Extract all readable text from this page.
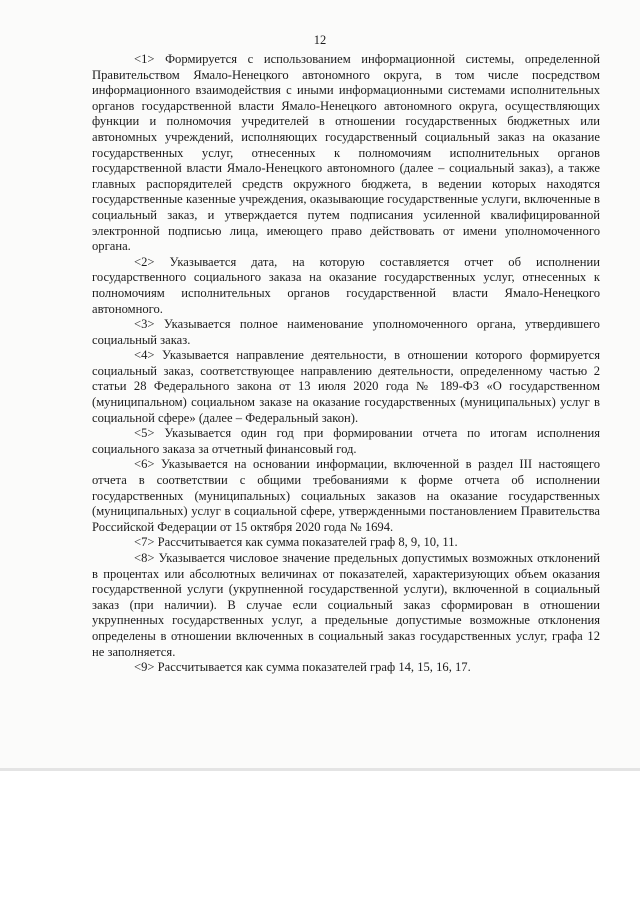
12

<1> Формируется с использованием информационной системы, определенной Правительством Ямало-Ненецкого автономного округа, в том числе посредством информационного взаимодействия с иными информационными системами исполнительных органов государственной власти Ямало-Ненецкого автономного округа, осуществляющих функции и полномочия учредителей в отношении государственных бюджетных или автономных учреждений, исполняющих государственный социальный заказ на оказание государственных услуг, отнесенных к полномочиям исполнительных органов государственной власти Ямало-Ненецкого автономного (далее – социальный заказ), а также главных распорядителей средств окружного бюджета, в ведении которых находятся государственные казенные учреждения, оказывающие государственные услуги, включенные в социальный заказ, и утверждается путем подписания усиленной квалифицированной электронной подписью лица, имеющего право действовать от имени уполномоченного органа.

<2> Указывается дата, на которую составляется отчет об исполнении государственного социального заказа на оказание государственных услуг, отнесенных к полномочиям исполнительных органов государственной власти Ямало-Ненецкого автономного.

<3> Указывается полное наименование уполномоченного органа, утвердившего социальный заказ.

<4> Указывается направление деятельности, в отношении которого формируется социальный заказ, соответствующее направлению деятельности, определенному частью 2 статьи 28 Федерального закона от 13 июля 2020 года № 189-ФЗ «О государственном (муниципальном) социальном заказе на оказание государственных (муниципальных) услуг в социальной сфере» (далее – Федеральный закон).

<5> Указывается один год при формировании отчета по итогам исполнения социального заказа за отчетный финансовый год.

<6> Указывается на основании информации, включенной в раздел III настоящего отчета в соответствии с общими требованиями к форме отчета об исполнении государственных (муниципальных) социальных заказов на оказание государственных (муниципальных) услуг в социальной сфере, утвержденными постановлением Правительства Российской Федерации от 15 октября 2020 года № 1694.

<7> Рассчитывается как сумма показателей граф 8, 9, 10, 11.

<8> Указывается числовое значение предельных допустимых возможных отклонений в процентах или абсолютных величинах от показателей, характеризующих объем оказания государственной услуги (укрупненной государственной услуги), включенной в социальный заказ (при наличии). В случае если социальный заказ сформирован в отношении укрупненных государственных услуг, а предельные допустимые возможные отклонения определены в отношении включенных в социальный заказ государственных услуг, графа 12 не заполняется.

<9> Рассчитывается как сумма показателей граф 14, 15, 16, 17.
